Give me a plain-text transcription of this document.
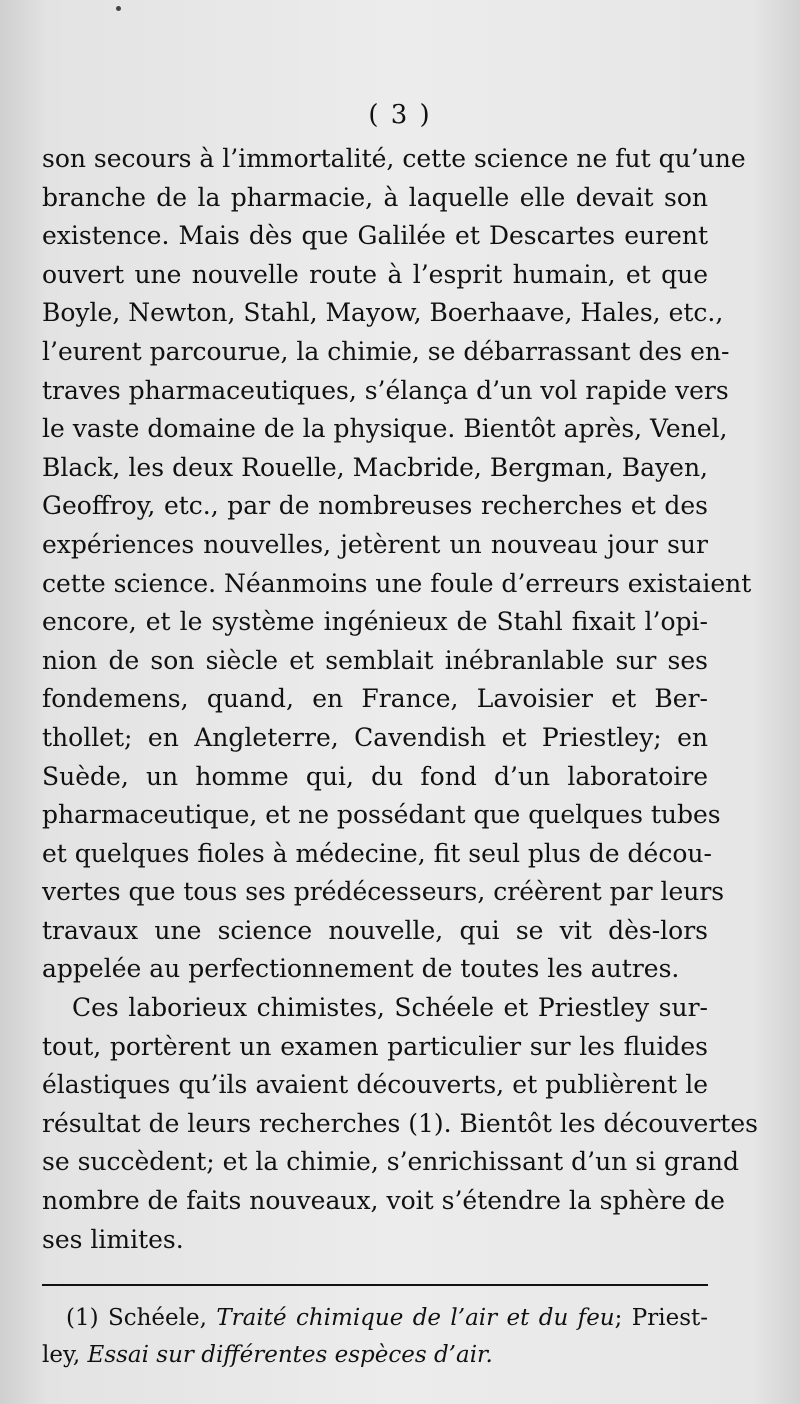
( 3 )
son secours à l’immortalité, cette science ne fut qu’une
branche de la pharmacie, à laquelle elle devait son
existence. Mais dès que Galilée et Descartes eurent
ouvert une nouvelle route à l’esprit humain, et que
Boyle, Newton, Stahl, Mayow, Boerhaave, Hales, etc.,
l’eurent parcourue, la chimie, se débarrassant des en-
traves pharmaceutiques, s’élança d’un vol rapide vers
le vaste domaine de la physique. Bientôt après, Venel,
Black, les deux Rouelle, Macbride, Bergman, Bayen,
Geoffroy, etc., par de nombreuses recherches et des
expériences nouvelles, jetèrent un nouveau jour sur
cette science. Néanmoins une foule d’erreurs existaient
encore, et le système ingénieux de Stahl fixait l’opi-
nion de son siècle et semblait inébranlable sur ses
fondemens, quand, en France, Lavoisier et Ber-
thollet; en Angleterre, Cavendish et Priestley; en
Suède, un homme qui, du fond d’un laboratoire
pharmaceutique, et ne possédant que quelques tubes
et quelques fioles à médecine, fit seul plus de décou-
vertes que tous ses prédécesseurs, créèrent par leurs
travaux une science nouvelle, qui se vit dès-lors
appelée au perfectionnement de toutes les autres.
Ces laborieux chimistes, Schéele et Priestley sur-
tout, portèrent un examen particulier sur les fluides
élastiques qu’ils avaient découverts, et publièrent le
résultat de leurs recherches (1). Bientôt les découvertes
se succèdent; et la chimie, s’enrichissant d’un si grand
nombre de faits nouveaux, voit s’étendre la sphère de
ses limites.
(1) Schéele, Traité chimique de l’air et du feu; Priest-
ley, Essai sur différentes espèces d’air.
